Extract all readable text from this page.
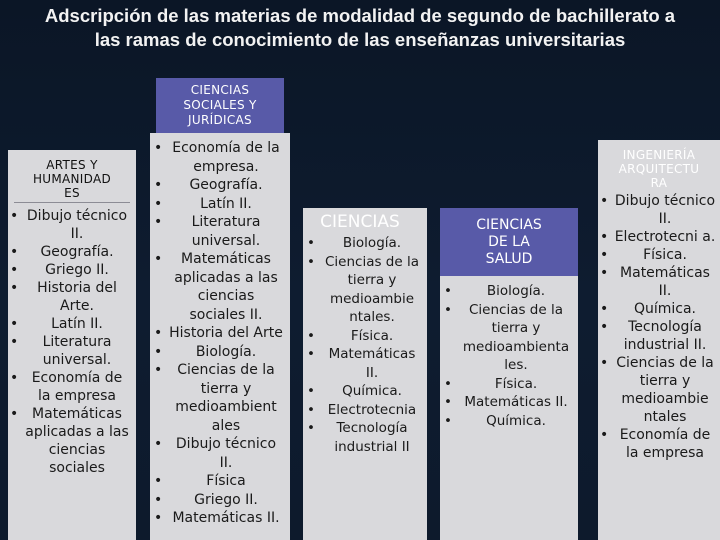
Adscripción de las materias de modalidad de segundo de bachillerato a
las ramas de conocimiento de las enseñanzas universitarias
ARTES Y
HUMANIDAD
ES
• Dibujo técnico II.
• Geografía.
• Griego II.
• Historia del Arte.
• Latín II.
• Literatura universal.
• Economía de la empresa
• Matemáticas aplicadas a las ciencias sociales
CIENCIAS
SOCIALES Y
JURÍDICAS
• Economía de la empresa.
• Geografía.
• Latín II.
• Literatura universal.
• Matemáticas aplicadas a las ciencias sociales II.
• Historia del Arte
• Biología.
• Ciencias de la tierra y medioambient ales
• Dibujo técnico II.
• Física
• Griego II.
• Matemáticas II.
CIENCIAS
• Biología.
• Ciencias de la tierra y medioambie ntales.
• Física.
• Matemáticas II.
• Química.
• Electrotecnia
• Tecnología industrial II
CIENCIAS
DE LA
SALUD
• Biología.
• Ciencias de la tierra y medioambienta les.
• Física.
• Matemáticas II.
• Química.
INGENIERÍA
ARQUITECTU
RA
• Dibujo técnico II.
• Electrotecni a.
• Física.
• Matemáticas II.
• Química.
• Tecnología industrial II.
• Ciencias de la tierra y medioambie ntales
• Economía de la empresa
